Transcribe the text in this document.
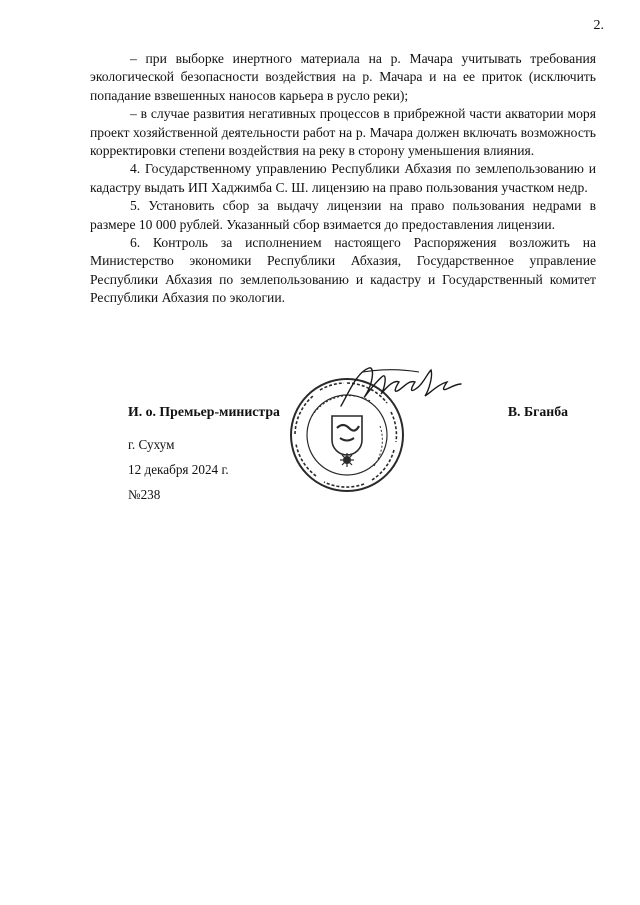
2.

– при выборке инертного материала на р. Мачара учитывать требования экологической безопасности воздействия на р. Мачара и на ее приток (исключить попадание взвешенных наносов карьера в русло реки);

– в случае развития негативных процессов в прибрежной части акватории моря проект хозяйственной деятельности работ на р. Мачара должен включать возможность корректировки степени воздействия на реку в сторону уменьшения влияния.

4. Государственному управлению Республики Абхазия по землепользованию и кадастру выдать ИП Хаджимба С. Ш. лицензию на право пользования участком недр.

5. Установить сбор за выдачу лицензии на право пользования недрами в размере 10 000 рублей. Указанный сбор взимается до предоставления лицензии.

6. Контроль за исполнением настоящего Распоряжения возложить на Министерство экономики Республики Абхазия, Государственное управление Республики Абхазия по землепользованию и кадастру и Государственный комитет Республики Абхазия по экологии.

И. о. Премьер-министра	В. Бганба
г. Сухум
12 декабря 2024 г.
№238
